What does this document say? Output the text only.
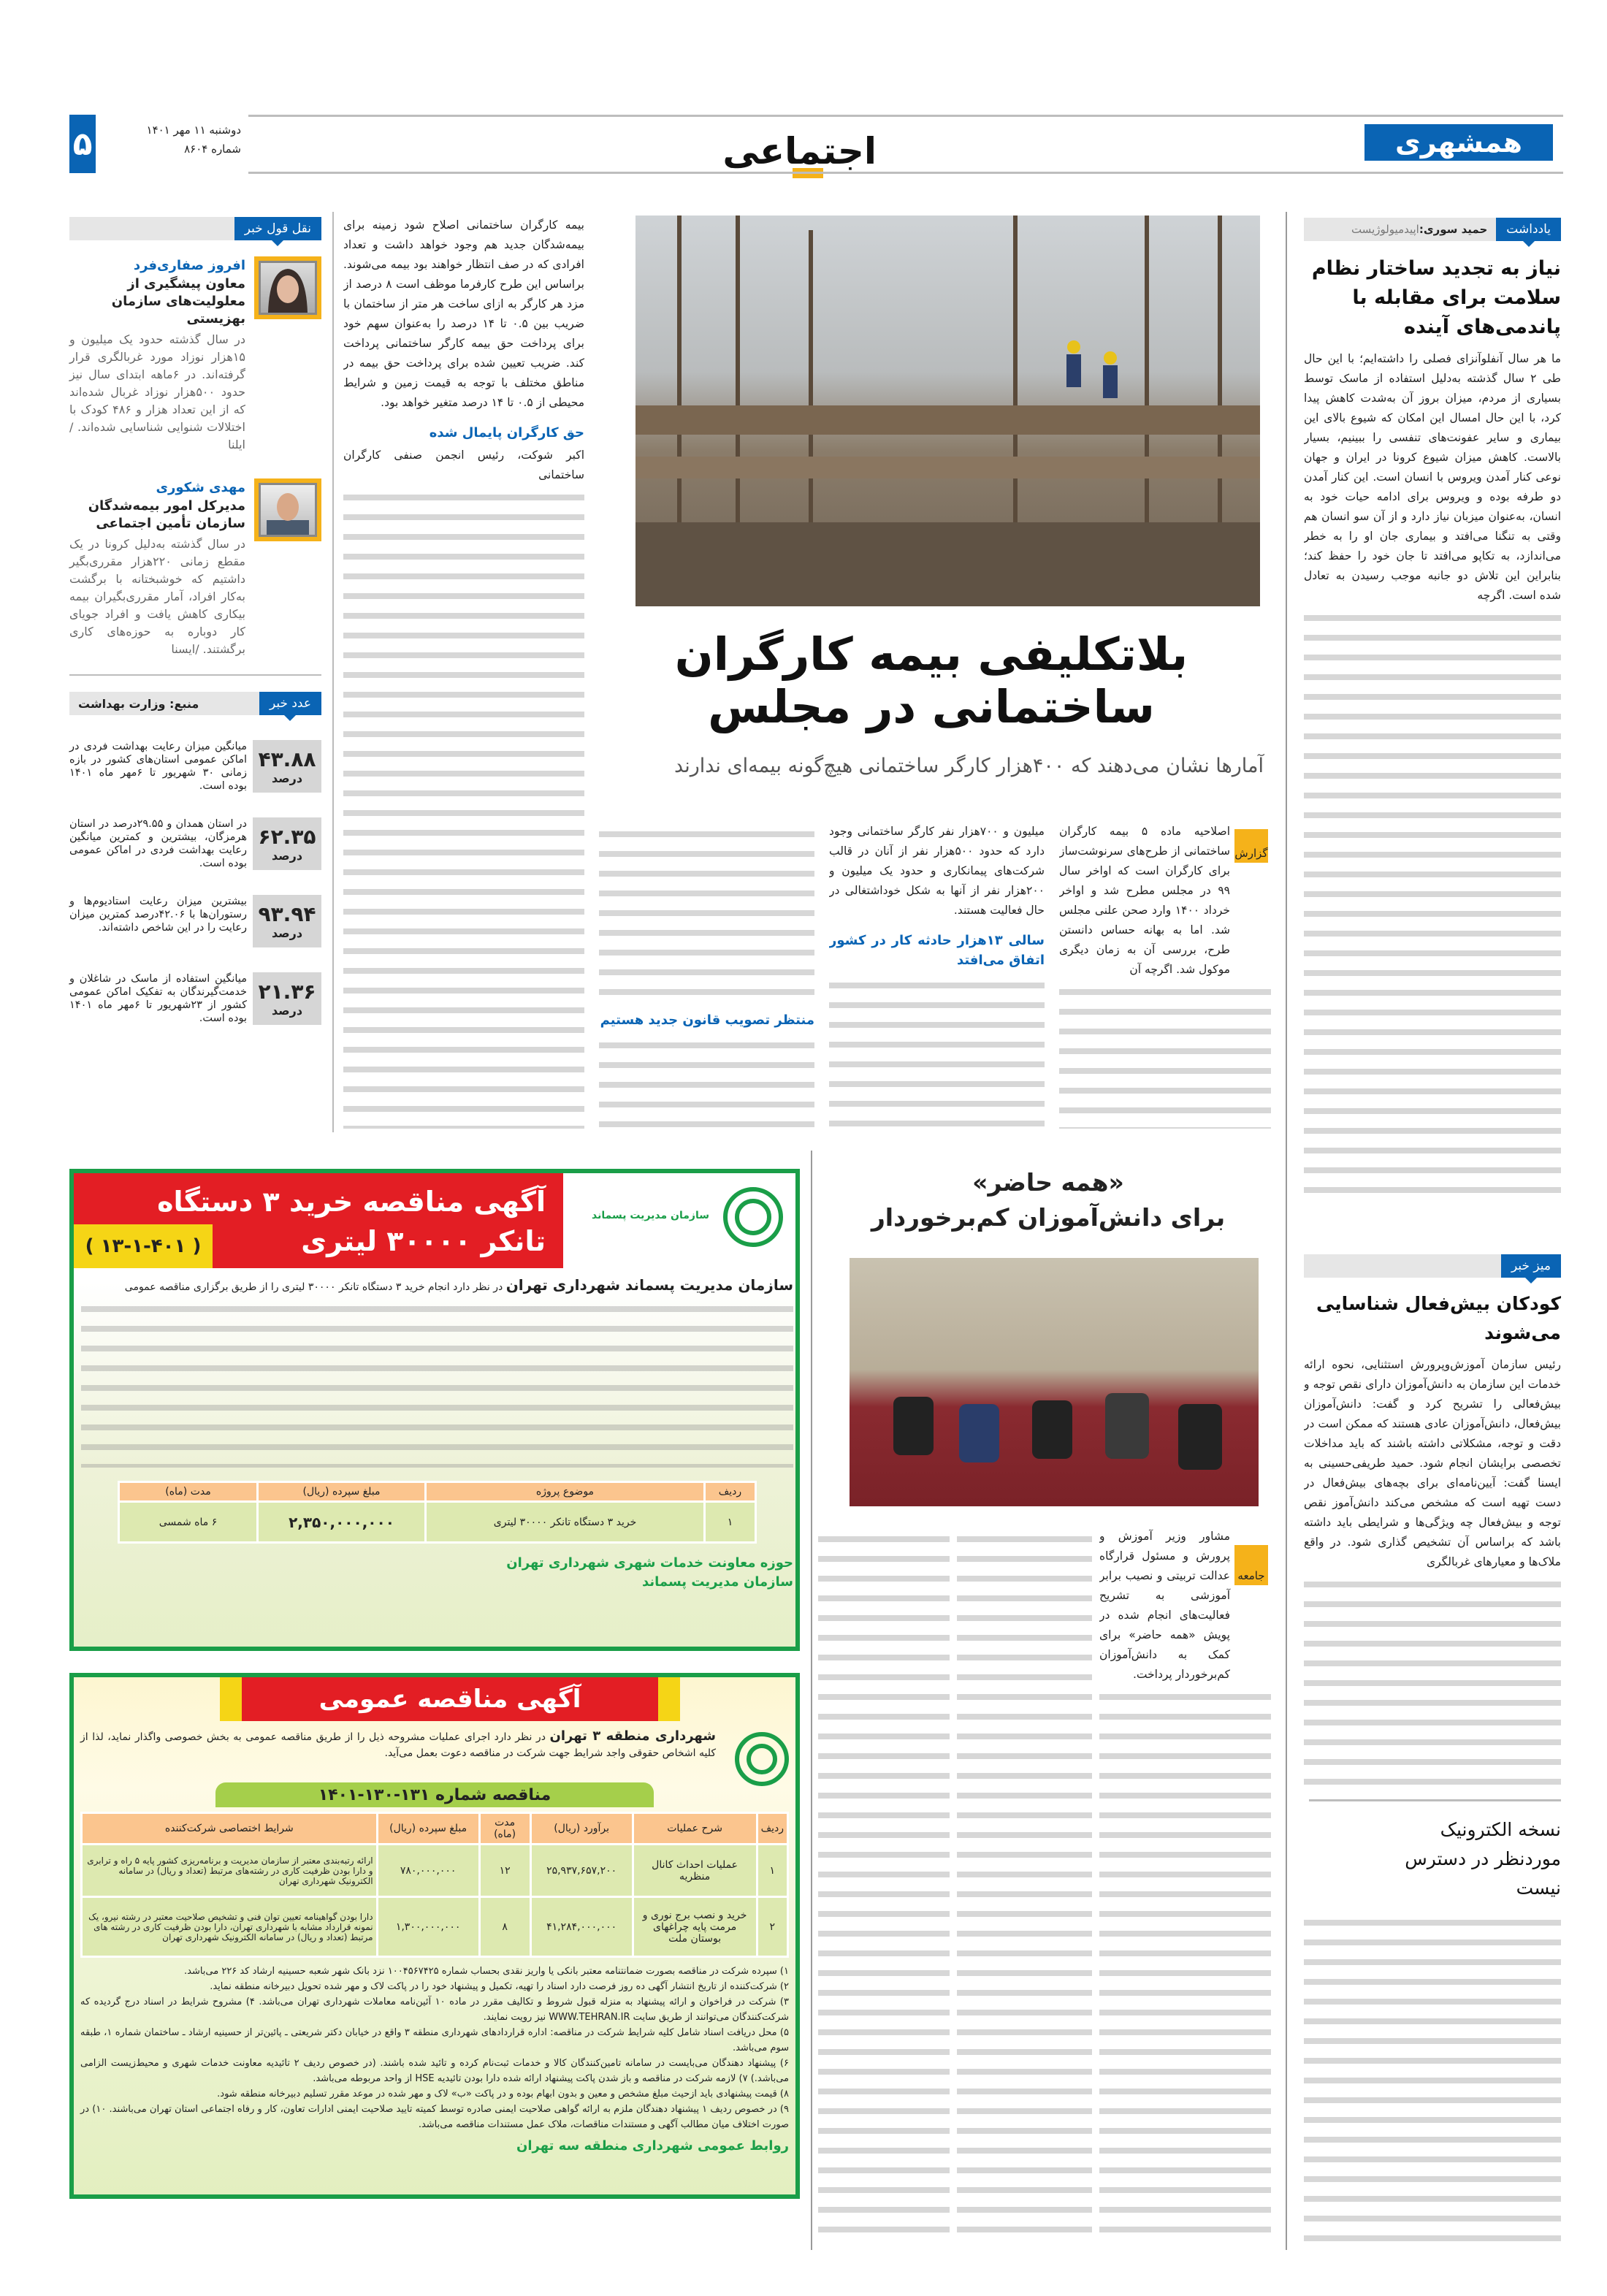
همشهری
اجتماعی
۵	دوشنبه ۱۱ مهر ۱۴۰۱
شماره ۸۶۰۴
یادداشت
حمید سوری:اپیدمیولوژیست
نیاز به تجدید ساختار نظام سلامت برای مقابله با پاندمی‌های آینده
ما هر سال آنفلوآنزای فصلی را داشته‌ایم؛ با این حال طی ۲ سال گذشته به‌دلیل استفاده از ماسک توسط بسیاری از مردم، میزان بروز آن به‌شدت کاهش پیدا کرد، با این حال امسال این امکان که شیوع بالای این بیماری و سایر عفونت‌های تنفسی را ببینیم، بسیار بالاست. کاهش میزان شیوع کرونا در ایران و جهان نوعی کنار آمدن ویروس با انسان است. این کنار آمدن دو طرفه بوده و ویروس برای ادامه حیات خود به انسان، به‌عنوان میزبان نیاز دارد و از آن سو انسان هم وقتی به تنگنا می‌افتد و بیماری جان او را به خطر می‌اندازد، به تکاپو می‌افتد تا جان خود را حفظ کند؛ بنابراین این تلاش دو جانبه موجب رسیدن به تعادل شده است. اگرچه
میز خبر
کودکان بیش‌فعال شناسایی می‌شوند
رئیس سازمان آموزش‌وپرورش استثنایی، نحوه ارائه خدمات این سازمان به دانش‌آموزان دارای نقص توجه و بیش‌فعالی را تشریح کرد و گفت: دانش‌آموزان بیش‌فعال، دانش‌آموزان عادی هستند که ممکن است در دقت و توجه، مشکلاتی داشته باشند که باید مداخلات تخصصی برایشان انجام شود. حمید طریفی‌حسینی به ایسنا گفت: آیین‌نامه‌ای برای بچه‌های بیش‌فعال در دست تهیه است که مشخص می‌کند دانش‌آموز نقص توجه و بیش‌فعال چه ویژگی‌ها و شرایطی باید داشته باشد که براساس آن تشخیص گذاری شود. در واقع ملاک‌ها و معیارهای غربالگری
نسخه الکترونیک مورد‌نظر در دسترس نیست
بلاتکلیفی بیمه کارگران ساختمانی در مجلس
آمارها نشان می‌دهند که ۴۰۰هزار کارگر ساختمانی هیچ‌گونه بیمه‌ای ندارند
گزارش
اصلاحیه ماده ۵ بیمه کارگران ساختمانی از طرح‌های سرنوشت‌ساز برای کارگران است که اواخر سال ۹۹ در مجلس مطرح شد و اواخر خرداد ۱۴۰۰ وارد صحن علنی مجلس شد. اما به بهانه حساس دانستن طرح، بررسی آن به زمان دیگری موکول شد. اگرچه آن
میلیون و ۷۰۰هزار نفر کارگر ساختمانی وجود دارد که حدود ۵۰۰هزار نفر از آنان در قالب شرکت‌های پیمانکاری و حدود یک میلیون و ۲۰۰هزار نفر از آنها به شکل خوداشتغالی در حال فعالیت هستند.
سالی ۱۳هزار حادثه کار در کشور اتفاق می‌افتد
منتظر تصویب قانون جدید هستیم
بیمه کارگران ساختمانی اصلاح شود زمینه برای بیمه‌شدگان جدید هم وجود خواهد داشت و تعداد افرادی که در صف انتظار خواهند بود بیمه می‌شوند. براساس این طرح کارفرما موظف است ۸ درصد از مزد هر کارگر به ازای ساخت هر متر از ساختمان با ضریب بین ۰.۵ تا ۱۴ درصد را به‌عنوان سهم خود برای پرداخت حق بیمه کارگر ساختمانی پرداخت کند. ضریب تعیین شده برای پرداخت حق بیمه در مناطق مختلف با توجه به قیمت زمین و شرایط محیطی از ۰.۵ تا ۱۴ درصد متغیر خواهد بود.
حق کارگران پایمال شده
اکبر شوکت، رئیس انجمن صنفی کارگران ساختمانی
نقل قول خبر
افروز صفاری‌فرد
معاون پیشگیری از معلولیت‌های سازمان بهزیستی
در سال گذشته حدود یک میلیون و ۱۵هزار نوزاد مورد غربالگری قرار گرفته‌اند. در ۶ماهه ابتدای سال نیز حدود ۵۰۰هزار نوزاد غربال شده‌اند که از این تعداد هزار و ۴۸۶ کودک با اختلالات شنوایی شناسایی شده‌اند. /ایلنا
مهدی شکوری
مدیرکل امور بیمه‌شدگان سازمان تأمین اجتماعی
در سال گذشته به‌دلیل کرونا در یک مقطع زمانی ۲۲۰هزار مقرری‌بگیر داشتیم که خوشبختانه با برگشت به‌کار افراد، آمار مقرری‌بگیران بیمه بیکاری کاهش یافت و افراد جویای کار دوباره به حوزه‌های کاری برگشتند. /ایسنا
عدد خبر
منبع: وزارت بهداشت
۴۳.۸۸
درصد
میانگین میزان رعایت بهداشت فردی در اماکن عمومی استان‌های کشور در بازه زمانی ۳۰ شهریور تا ۶مهر ماه ۱۴۰۱ بوده است.
۶۲.۳۵
درصد
در استان همدان و ۲۹.۵۵درصد در استان هرمزگان، بیشترین و کمترین میانگین رعایت بهداشت فردی در اماکن عمومی بوده است.
۹۳.۹۴
درصد
بیشترین میزان رعایت استادیوم‌ها و رستوران‌ها با ۴۲.۰۶درصد کمترین میزان رعایت را در این شاخص داشته‌اند.
۲۱.۳۶
درصد
میانگین استفاده از ماسک در شاغلان و خدمت‌گیرندگان به تفکیک اماکن عمومی کشور از ۲۳شهریور تا ۶مهر ماه ۱۴۰۱ بوده است.
«همه حاضر»
برای دانش‌آموزان کم‌برخوردار
جامعه
مشاور وزیر آموزش و پرورش و مسئول قرارگاه عدالت تربیتی و نصیب برابر آموزشی به تشریح فعالیت‌های انجام شده در پویش «همه حاضر» برای کمک به دانش‌آموزان کم‌برخوردار پرداخت.
آگهی مناقصه خرید ۳ دستگاه
تانکر ۳۰۰۰۰ لیتری
( ۱۳-۱-۴۰۱ )
سازمان مدیریت پسماند
سازمان مدیریت پسماند شهرداری تهران در نظر دارد انجام خرید ۳ دستگاه تانکر ۳۰۰۰۰ لیتری را از طریق برگزاری مناقصه عمومی
ردیف	موضوع پروژه	مبلغ سپرده (ریال)	مدت (ماه)
۱	خرید ۳ دستگاه تانکر ۳۰۰۰۰ لیتری	۲,۳۵۰,۰۰۰,۰۰۰	۶ ماه شمسی
حوزه معاونت خدمات شهری شهرداری تهران
سازمان مدیریت پسماند
آگهی مناقصه عمومی
شهرداری منطقه ۳ تهران در نظر دارد اجرای عملیات مشروحه ذیل را از طریق مناقصه عمومی به بخش خصوصی واگذار نماید، لذا از کلیه اشخاص حقوقی واجد شرایط جهت شرکت در مناقصه دعوت بعمل می‌آید.
مناقصه شماره ۱۳۱-۱۳۰-۱۴۰۱
ردیف	شرح عملیات	برآورد (ریال)	مدت (ماه)	مبلغ سپرده (ریال)	شرایط اختصاصی شرکت‌کننده
۱	عملیات احداث کانال منظریه	۲۵,۹۳۷,۶۵۷,۲۰۰	۱۲	۷۸۰,۰۰۰,۰۰۰	ارائه رتبه‌بندی معتبر از سازمان مدیریت و برنامه‌ریزی کشور پایه ۵ راه و ترابری و دارا بودن ظرفیت کاری در رشته‌های مرتبط (تعداد و ریال) در سامانه الکترونیک شهرداری تهران
۲	خرید و نصب برج نوری و مرمت پایه چراغهای بوستان ملت	۴۱,۲۸۴,۰۰۰,۰۰۰	۸	۱,۳۰۰,۰۰۰,۰۰۰	دارا بودن گواهینامه تعیین توان فنی و تشخیص صلاحیت معتبر در رشته نیرو، یک نمونه قرارداد مشابه با شهرداری تهران، دارا بودن ظرفیت کاری در رشته های مرتبط (تعداد و ریال) در سامانه الکترونیک شهرداری تهران
۱) سپرده شرکت در مناقصه بصورت ضمانتنامه معتبر بانکی یا واریز نقدی بحساب شماره ۱۰۰۴۵۶۷۴۲۵ نزد بانک شهر شعبه حسینیه ارشاد کد ۲۲۶ می‌باشد.
۲) شرکت‌کننده از تاریخ انتشار آگهی ده روز فرصت دارد اسناد را تهیه، تکمیل و پیشنهاد خود را در پاکت لاک و مهر شده تحویل دبیرخانه منطقه نماید.
۳) شرکت در فراخوان و ارائه پیشنهاد به منزله قبول شروط و تکالیف مقرر در ماده ۱۰ آئین‌نامه معاملات شهرداری تهران می‌باشد. ۴) مشروح شرایط در اسناد درج گردیده که شرکت‌کنندگان می‌توانند از طریق سایت WWW.TEHRAN.IR نیز رویت نمایند.
۵) محل دریافت اسناد شامل کلیه شرایط شرکت در مناقصه: اداره قراردادهای شهرداری منطقه ۳ واقع در خیابان دکتر شریعتی ـ پائین‌تر از حسینیه ارشاد ـ ساختمان شماره ۱، طبقه سوم می‌باشد.
۶) پیشنهاد دهندگان می‌بایست در سامانه تامین‌کنندگان کالا و خدمات ثبت‌نام کرده و تائید شده باشند. (در خصوص ردیف ۲ تائیدیه معاونت خدمات شهری و محیط‌زیست الزامی می‌باشد.) ۷) لازمه شرکت در مناقصه و باز شدن پاکت پیشنهاد ارائه شده دارا بودن تائیدیه HSE از واحد مربوطه می‌باشد.
۸) قیمت پیشنهادی باید ازحیث مبلغ مشخص و معین و بدون ابهام بوده و در پاکت «ب» لاک و مهر شده در موعد مقرر تسلیم دبیرخانه منطقه شود.
۹) در خصوص ردیف ۱ پیشنهاد دهندگان ملزم به ارائه گواهی صلاحیت ایمنی صادره توسط کمیته تایید صلاحیت ایمنی ادارات تعاون، کار و رفاه اجتماعی استان تهران می‌باشند. ۱۰) در صورت اختلاف میان مطالب آگهی و مستندات مناقصات، ملاک عمل مستندات مناقصه می‌باشد.
روابط عمومی شهرداری منطقه سه تهران
